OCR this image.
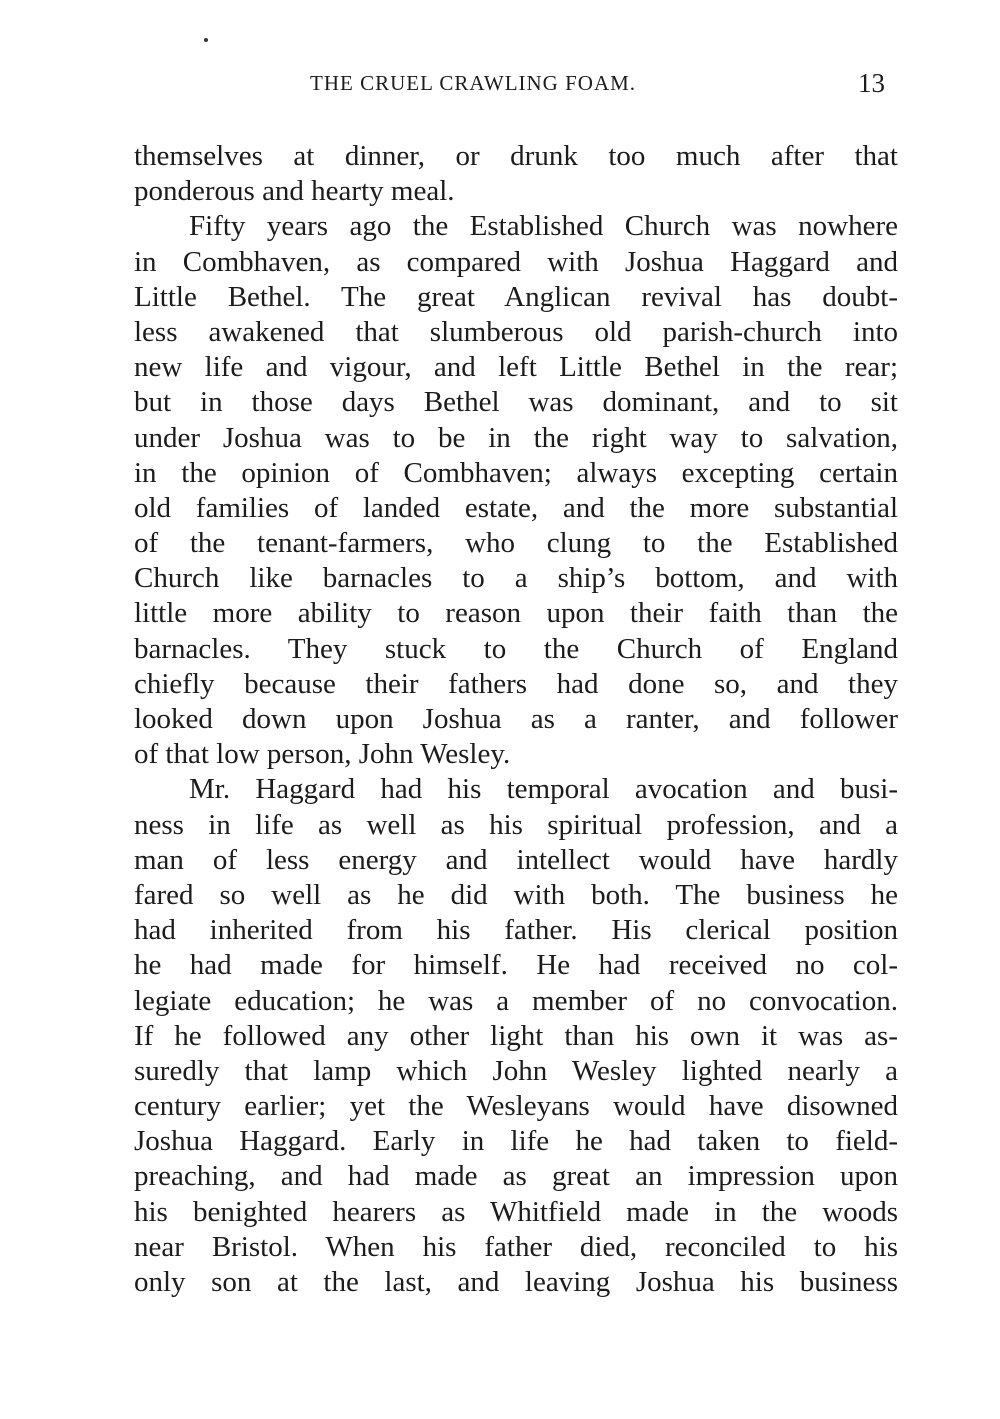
THE CRUEL CRAWLING FOAM.	13
themselves at dinner, or drunk too much after that
ponderous and hearty meal.
Fifty years ago the Established Church was nowhere
in Combhaven, as compared with Joshua Haggard and
Little Bethel. The great Anglican revival has doubt-
less awakened that slumberous old parish-church into
new life and vigour, and left Little Bethel in the rear;
but in those days Bethel was dominant, and to sit
under Joshua was to be in the right way to salvation,
in the opinion of Combhaven; always excepting certain
old families of landed estate, and the more substantial
of the tenant-farmers, who clung to the Established
Church like barnacles to a ship’s bottom, and with
little more ability to reason upon their faith than the
barnacles. They stuck to the Church of England
chiefly because their fathers had done so, and they
looked down upon Joshua as a ranter, and follower
of that low person, John Wesley.
Mr. Haggard had his temporal avocation and busi-
ness in life as well as his spiritual profession, and a
man of less energy and intellect would have hardly
fared so well as he did with both. The business he
had inherited from his father. His clerical position
he had made for himself. He had received no col-
legiate education; he was a member of no convocation.
If he followed any other light than his own it was as-
suredly that lamp which John Wesley lighted nearly a
century earlier; yet the Wesleyans would have disowned
Joshua Haggard. Early in life he had taken to field-
preaching, and had made as great an impression upon
his benighted hearers as Whitfield made in the woods
near Bristol. When his father died, reconciled to his
only son at the last, and leaving Joshua his business
